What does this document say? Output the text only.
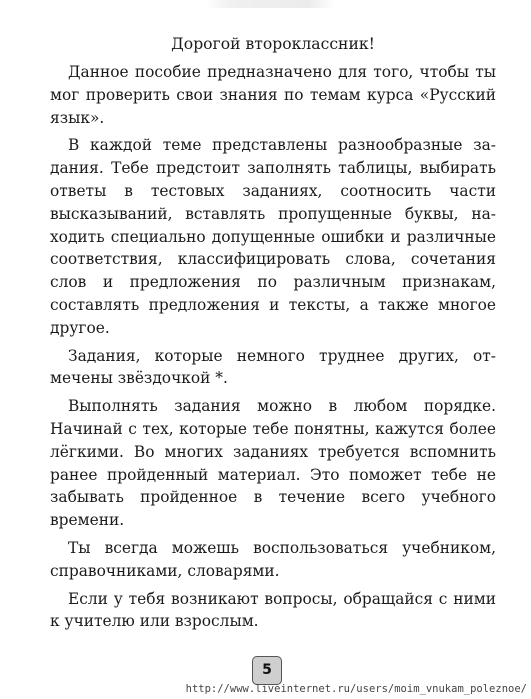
Дорогой второклассник!

Данное пособие предназначено для того, чтобы ты мог проверить свои знания по темам курса «Русский язык».

В каждой теме представлены разнообразные задания. Тебе предстоит заполнять таблицы, выбирать ответы в тестовых заданиях, соотносить части высказываний, вставлять пропущенные буквы, находить специально допущенные ошибки и различные соответствия, классифицировать слова, сочетания слов и предложения по различным признакам, составлять предложения и тексты, а также многое другое.

Задания, которые немного труднее других, отмечены звёздочкой *.

Выполнять задания можно в любом порядке. Начинай с тех, которые тебе понятны, кажутся более лёгкими. Во многих заданиях требуется вспомнить ранее пройденный материал. Это поможет тебе не забывать пройденное в течение всего учебного времени.

Ты всегда можешь воспользоваться учебником, справочниками, словарями.

Если у тебя возникают вопросы, обращайся с ними к учителю или взрослым.

5
http://www.liveinternet.ru/users/moim_vnukam_poleznoe/
